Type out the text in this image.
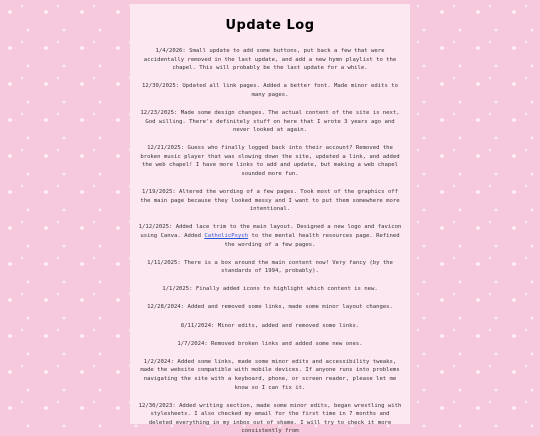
Update Log
1/4/2026: Small update to add some buttons, put back a few that were accidentally removed in the last update, and add a new hymn playlist to the chapel. This will probably be the last update for a while.
12/30/2025: Updated all link pages. Added a better font. Made minor edits to many pages.
12/23/2025: Made some design changes. The actual content of the site is next, God willing. There's definitely stuff on here that I wrote 3 years ago and never looked at again.
12/21/2025: Guess who finally logged back into their account? Removed the broken music player that was slowing down the site, updated a link, and added the web chapel! I have more links to add and update, but making a web chapel sounded more fun.
1/19/2025: Altered the wording of a few pages. Took most of the graphics off the main page because they looked messy and I want to put them somewhere more intentional.
1/12/2025: Added lace trim to the main layout. Designed a new logo and favicon using Canva. Added CatholicPsych to the mental health resources page. Refined the wording of a few pages.
1/11/2025: There is a box around the main content now! Very fancy (by the standards of 1994, probably).
1/1/2025: Finally added icons to highlight which content is new.
12/28/2024: Added and removed some links, made some minor layout changes.
8/11/2024: Minor edits, added and removed some links.
1/7/2024: Removed broken links and added some new ones.
1/2/2024: Added some links, made some minor edits and accessibility tweaks, made the website compatible with mobile devices. If anyone runs into problems navigating the site with a keyboard, phone, or screen reader, please let me know so I can fix it.
12/30/2023: Added writing section, made some minor edits, began wrestling with stylesheets. I also checked my email for the first time in 7 months and deleted everything in my inbox out of shame. I will try to check it more consistently from
